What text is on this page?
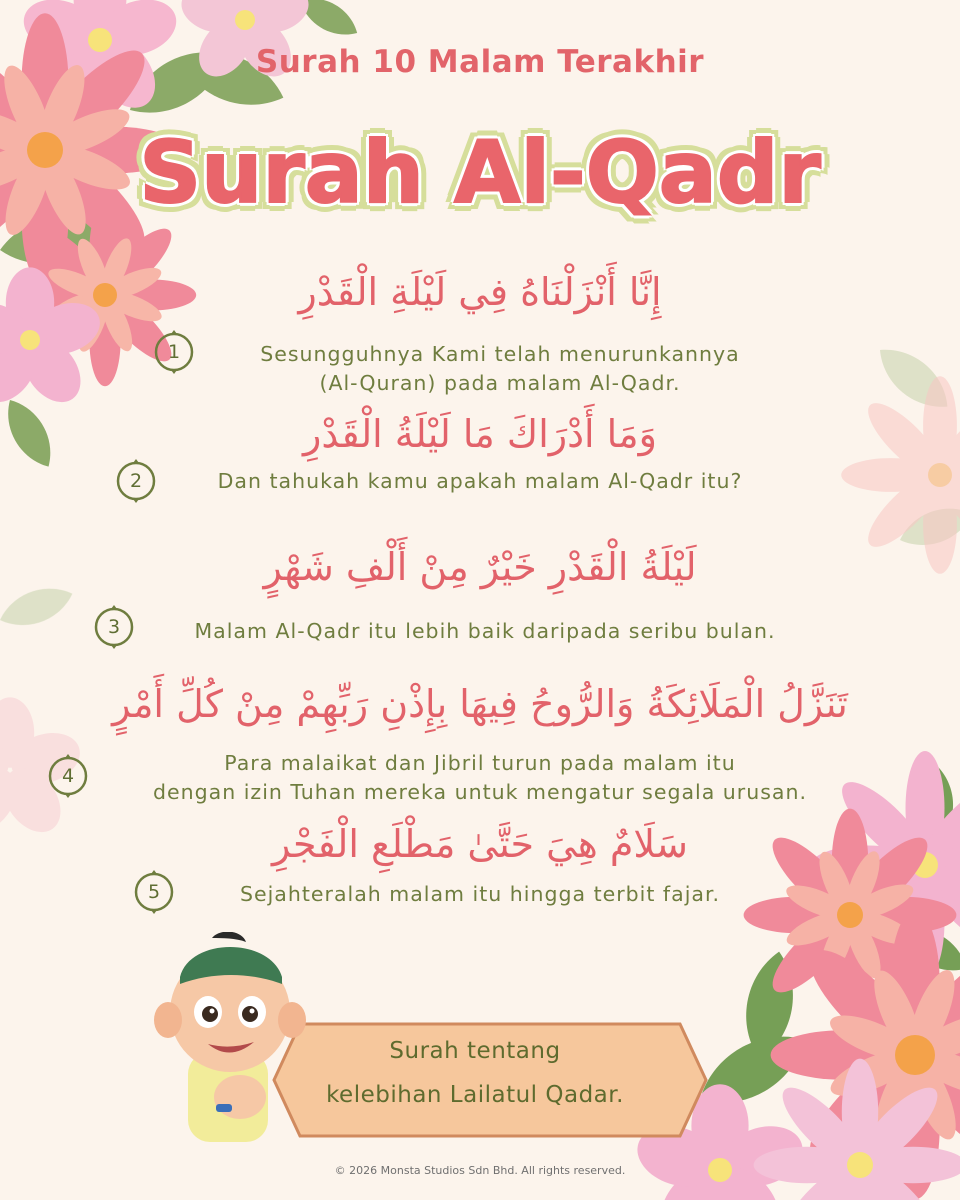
Surah 10 Malam Terakhir
Surah Al-Qadr
إِنَّا أَنْزَلْنَاهُ فِي لَيْلَةِ الْقَدْرِ
1	Sesungguhnya Kami telah menurunkannya
(Al-Quran) pada malam Al-Qadr.
وَمَا أَدْرَاكَ مَا لَيْلَةُ الْقَدْرِ
2	Dan tahukah kamu apakah malam Al-Qadr itu?
لَيْلَةُ الْقَدْرِ خَيْرٌ مِنْ أَلْفِ شَهْرٍ
3	Malam Al-Qadr itu lebih baik daripada seribu bulan.
تَنَزَّلُ الْمَلَائِكَةُ وَالرُّوحُ فِيهَا بِإِذْنِ رَبِّهِمْ مِنْ كُلِّ أَمْرٍ
4
Para malaikat dan Jibril turun pada malam itu
dengan izin Tuhan mereka untuk mengatur segala urusan.
سَلَامٌ هِيَ حَتَّىٰ مَطْلَعِ الْفَجْرِ
5	Sejahteralah malam itu hingga terbit fajar.
Surah tentang
kelebihan Lailatul Qadar.
© 2026 Monsta Studios Sdn Bhd. All rights reserved.
